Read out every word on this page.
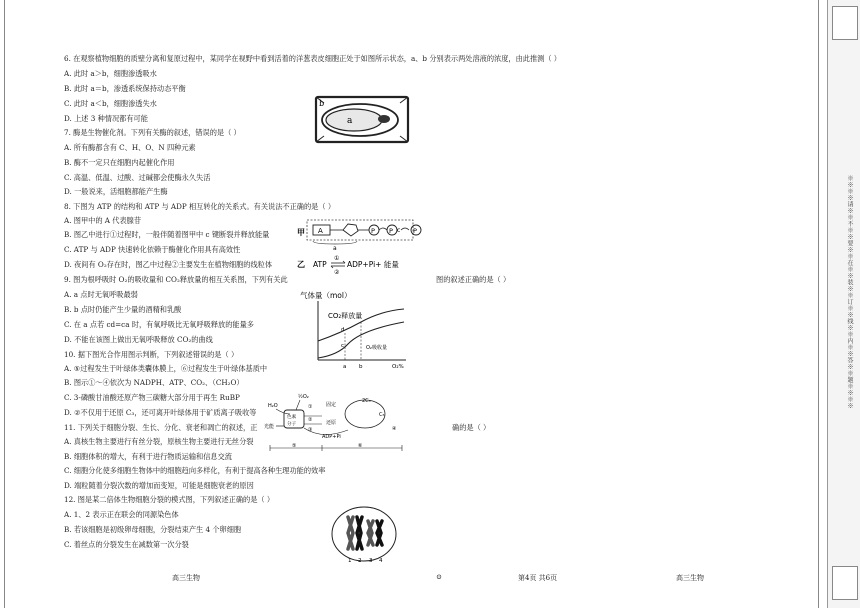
※※※※请※※不※※要※※在※※装※※订※※线※※内※※答※※题※※※※
6. 在观察植物细胞的质壁分离和复原过程中，某同学在视野中看到活着的洋葱表皮细胞正处于如图所示状态，a、b 分别表示两处溶液的浓度，由此推测（ ）
A. 此时 a＞b，细胞渗透吸水
B. 此时 a＝b，渗透系统保持动态平衡
C. 此时 a＜b，细胞渗透失水
D. 上述 3 种情况都有可能
7. 酶是生物催化剂。下列有关酶的叙述，错误的是（ ）
A. 所有酶都含有 C、H、O、N 四种元素
B. 酶不一定只在细胞内起催化作用
C. 高温、低温、过酸、过碱都会使酶永久失活
D. 一般说来，活细胞都能产生酶
8. 下图为 ATP 的结构和 ATP 与 ADP 相互转化的关系式。有关说法不正确的是（ ）
A. 图甲中的 A 代表腺苷
B. 图乙中进行①过程时，一般伴随着图甲中 c 键断裂并释放能量
C. ATP 与 ADP 快速转化依赖于酶催化作用具有高效性
D. 夜间有 O₂存在时，图乙中过程②主要发生在植物细胞的线粒体
9. 图为根呼吸时 O₂的吸收量和 CO₂释放量的相互关系图，下列有关此	图的叙述正确的是（ ）
A. a 点时无氧呼吸最弱
B. b 点时仍能产生少量的酒精和乳酸
C. 在 a 点若 cd=ca 时，有氧呼吸比无氧呼吸释放的能量多
D. 不能在该图上做出无氧呼吸释放 CO₂的曲线
10. 据下图光合作用图示判断，下列叙述错误的是（ ）
A. ⑤过程发生于叶绿体类囊体膜上，⑥过程发生于叶绿体基质中
B. 图示①～④依次为 NADPH、ATP、CO₂、（CH₂O）
C. 3-磷酸甘油酸还原产物三碳糖大部分用于再生 RuBP
D. ②不仅用于还原 C₃，还可离开叶绿体用于矿质离子吸收等
11. 下列关于细胞分裂、生长、分化、衰老和凋亡的叙述，正	确的是（ ）
A. 真核生物主要进行有丝分裂，原核生物主要进行无丝分裂
B. 细胞体积的增大，有利于进行物质运输和信息交流
C. 细胞分化使多细胞生物体中的细胞趋向多样化，有利于提高各种生理功能的效率
D. 端粒随着分裂次数的增加而变短，可能是细胞衰老的原因
12. 图是某二倍体生物细胞分裂的模式图，下列叙述正确的是（ ）
A. 1、2 表示正在联会的同源染色体
B. 若该细胞是初级卵母细胞，分裂结束产生 4 个卵细胞
C. 着丝点的分裂发生在减数第一次分裂
a
b
甲 A	P P c P
a
乙 ATP
①
②
ADP+Pi+ 能量
气体量（mol）
CO₂释放量
O₂吸收量
d
c
a b	O₂%
光能
H₂O
色素
分子
½O₂
①
②
③
固定
还原
2C₃
C₅
④
ADP+Pi
⑤	⑥
1 2 3 4
高三生物	⊙	第4页 共6页	高三生物
